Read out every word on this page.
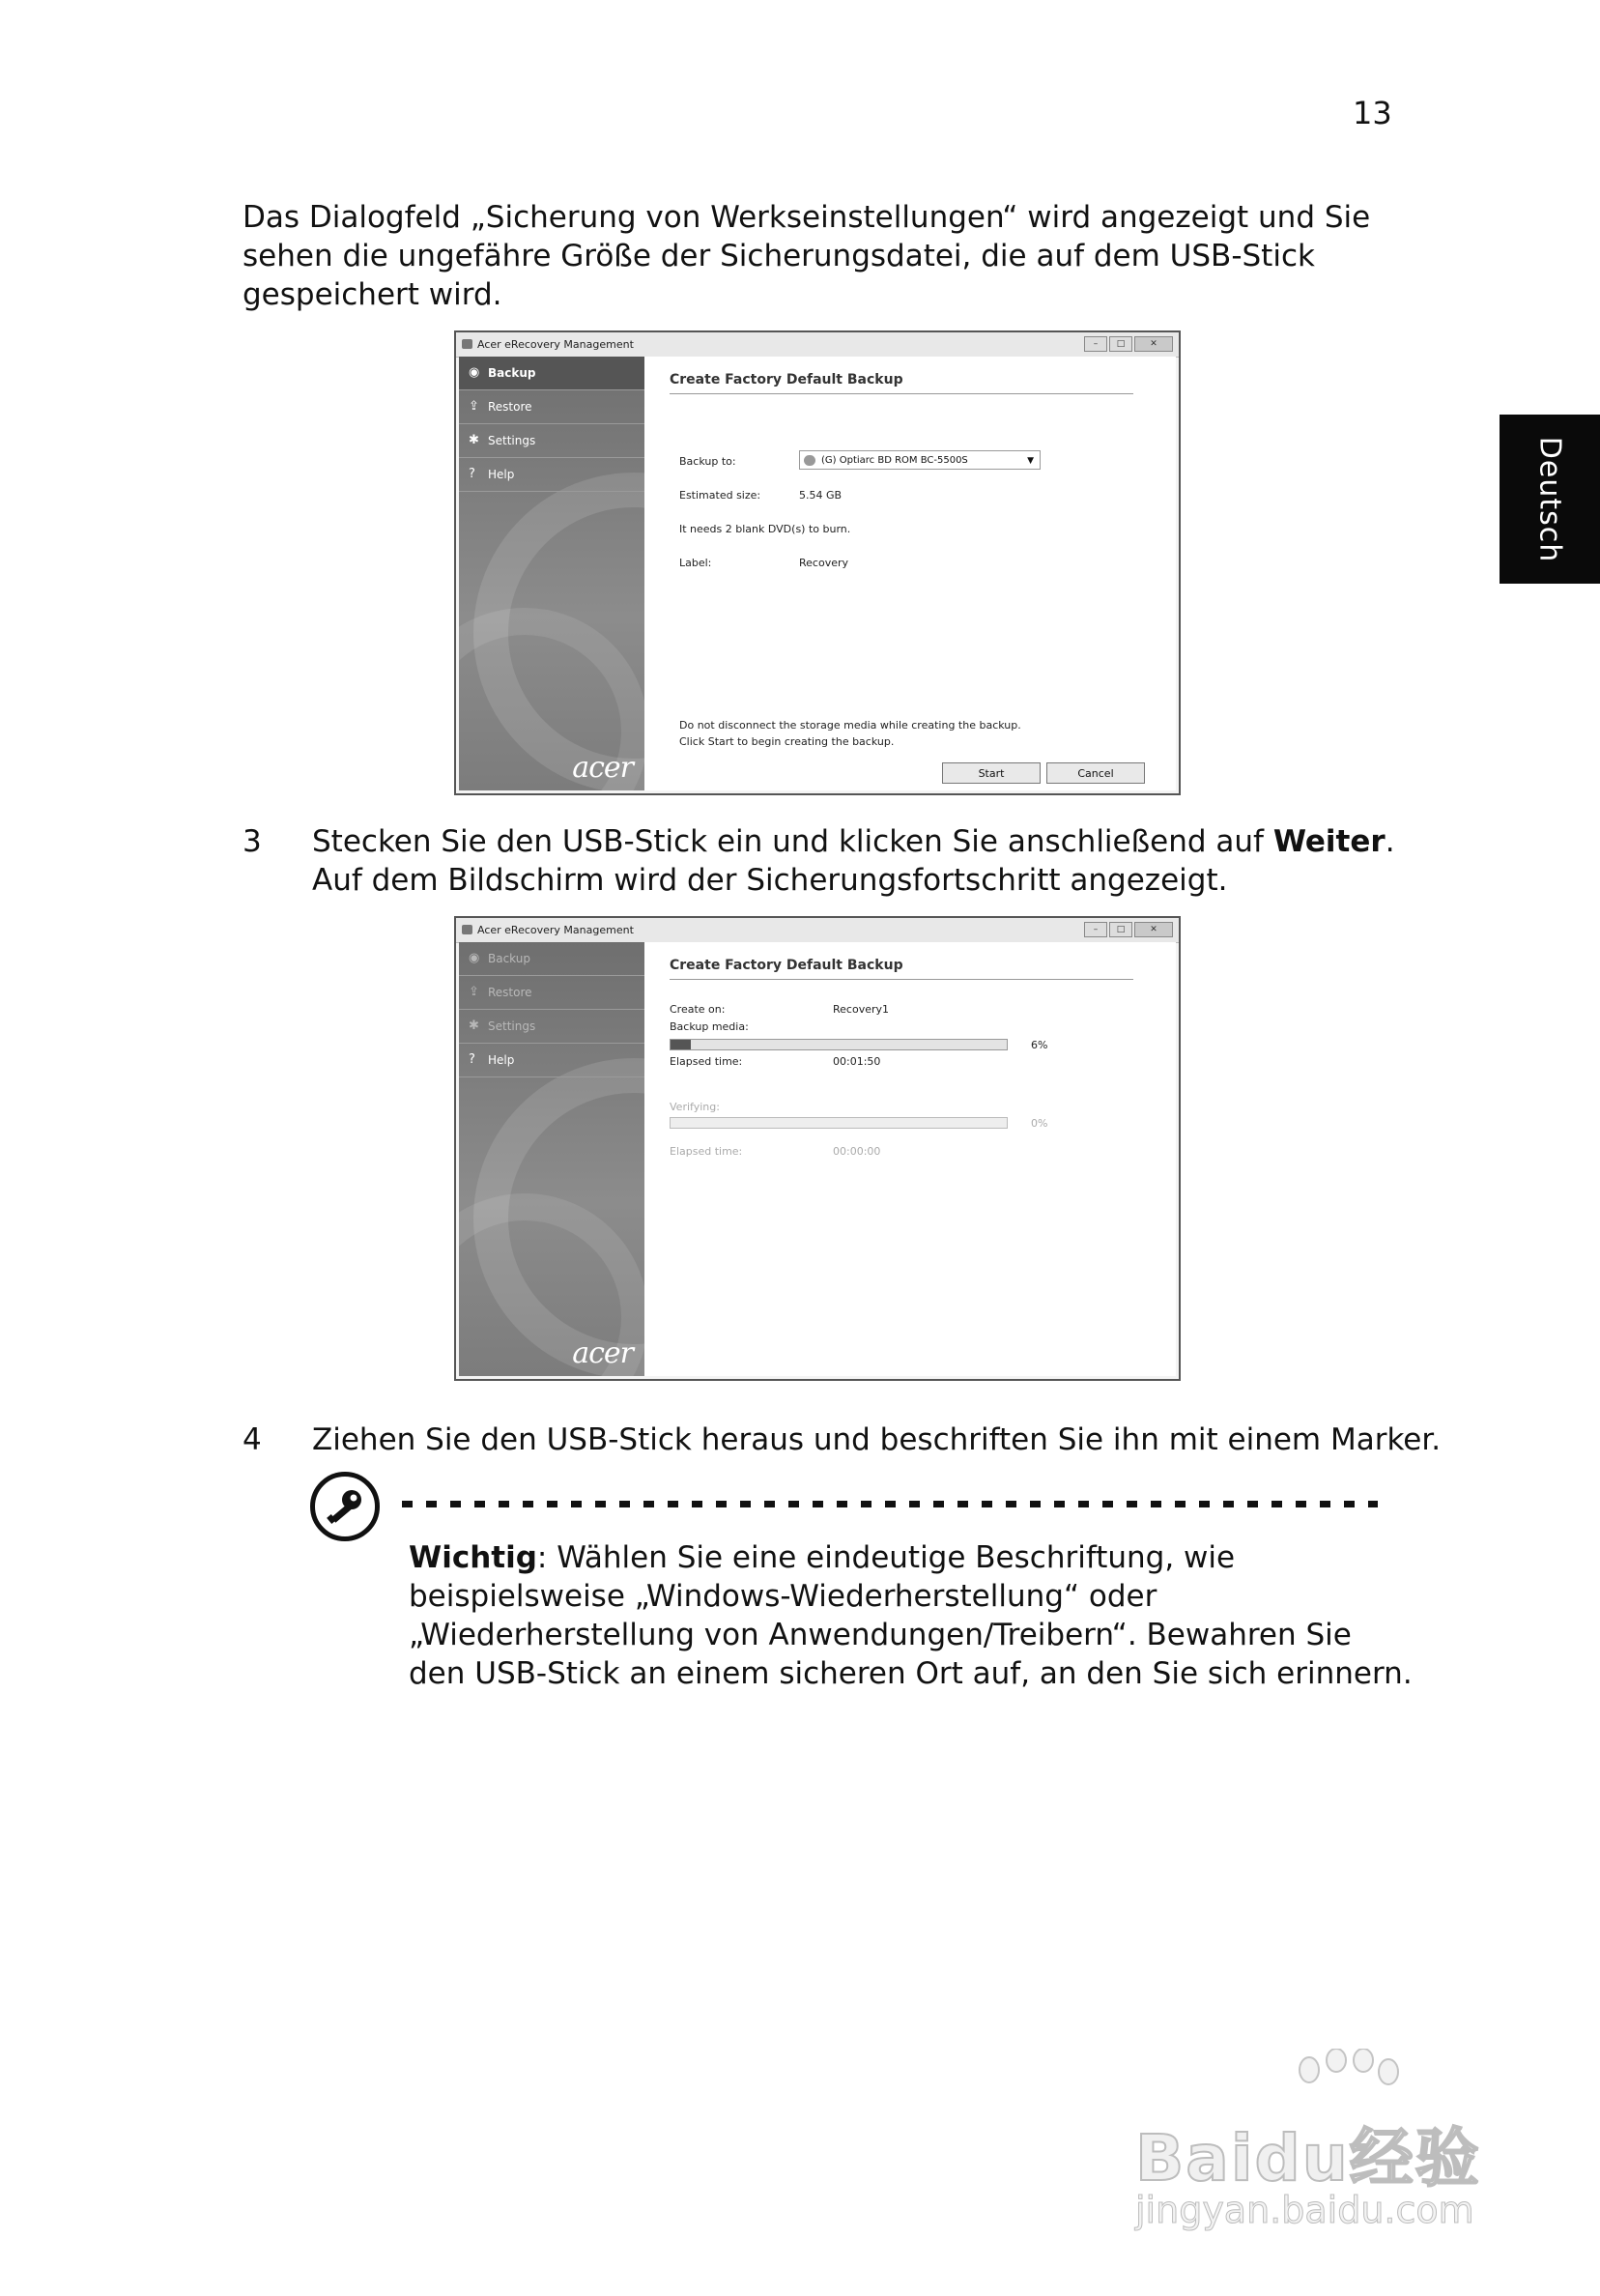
13
Deutsch
Das Dialogfeld „Sicherung von Werkseinstellungen“ wird angezeigt und Sie sehen die ungefähre Größe der Sicherungsdatei, die auf dem USB-Stick gespeichert wird.
Acer eRecovery Management	–	□	✕
◉ Backup
⇪ Restore
✱ Settings
? Help
acer
Create Factory Default Backup
Backup to:	(G) Optiarc BD ROM BC-5500S	▼
Estimated size:	5.54 GB
It needs 2 blank DVD(s) to burn.
Label:	Recovery
Do not disconnect the storage media while creating the backup.
Click Start to begin creating the backup.
Start	Cancel
3 Stecken Sie den USB-Stick ein und klicken Sie anschließend auf Weiter. Auf dem Bildschirm wird der Sicherungsfortschritt angezeigt.
Acer eRecovery Management	–	□	✕
◉ Backup
⇪ Restore
✱ Settings
? Help
acer
Create Factory Default Backup
Create on:	Recovery1
Backup media:
6%
Elapsed time:	00:01:50
Verifying:
0%
Elapsed time:	00:00:00
4 Ziehen Sie den USB-Stick heraus und beschriften Sie ihn mit einem Marker.
Wichtig: Wählen Sie eine eindeutige Beschriftung, wie beispielsweise „Windows-Wiederherstellung“ oder „Wiederherstellung von Anwendungen/Treibern“. Bewahren Sie den USB-Stick an einem sicheren Ort auf, an den Sie sich erinnern.
Baidu经验
jingyan.baidu.com
